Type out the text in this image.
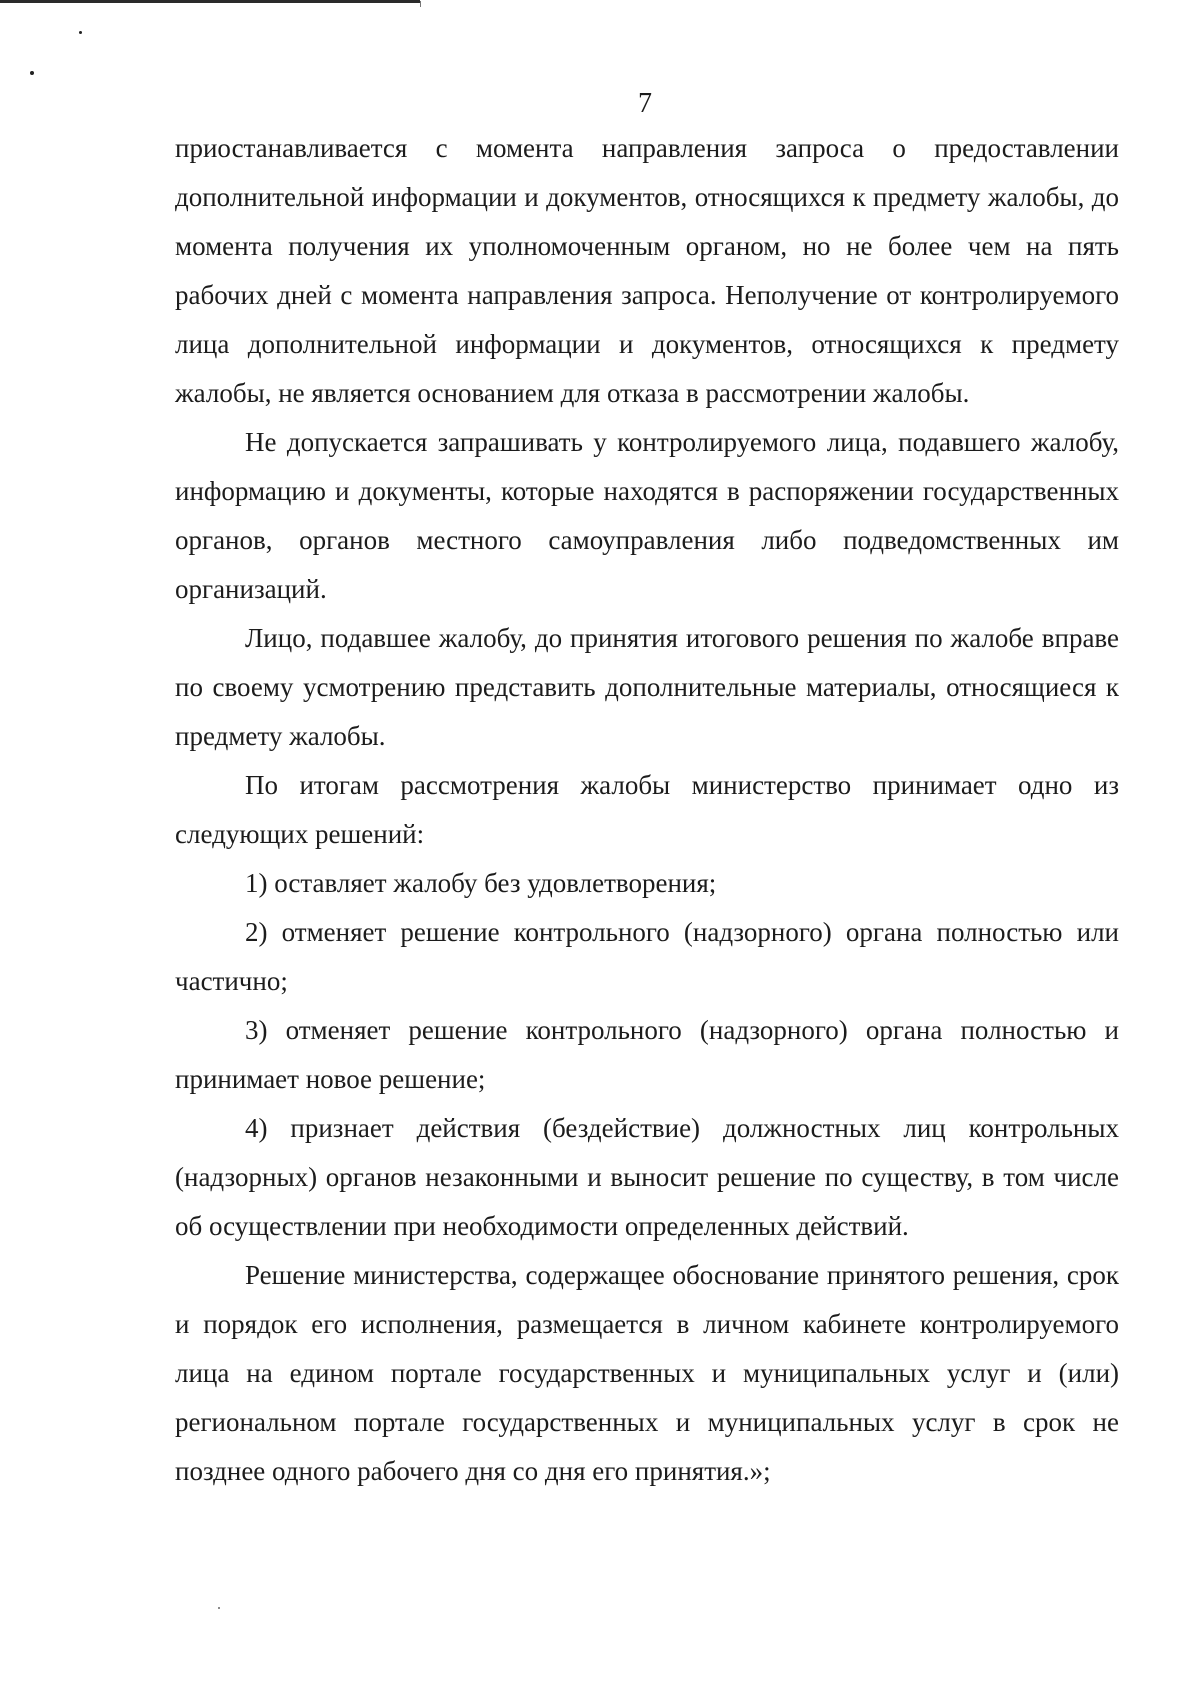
7

приостанавливается с момента направления запроса о предоставлении дополнительной информации и документов, относящихся к предмету жалобы, до момента получения их уполномоченным органом, но не более чем на пять рабочих дней с момента направления запроса. Неполучение от контролируемого лица дополнительной информации и документов, относящихся к предмету жалобы, не является основанием для отказа в рассмотрении жалобы.

Не допускается запрашивать у контролируемого лица, подавшего жалобу, информацию и документы, которые находятся в распоряжении государственных органов, органов местного самоуправления либо подведомственных им организаций.

Лицо, подавшее жалобу, до принятия итогового решения по жалобе вправе по своему усмотрению представить дополнительные материалы, относящиеся к предмету жалобы.

По итогам рассмотрения жалобы министерство принимает одно из следующих решений:

1) оставляет жалобу без удовлетворения;

2) отменяет решение контрольного (надзорного) органа полностью или частично;

3) отменяет решение контрольного (надзорного) органа полностью и принимает новое решение;

4) признает действия (бездействие) должностных лиц контрольных (надзорных) органов незаконными и выносит решение по существу, в том числе об осуществлении при необходимости определенных действий.

Решение министерства, содержащее обоснование принятого решения, срок и порядок его исполнения, размещается в личном кабинете контролируемого лица на едином портале государственных и муниципальных услуг и (или) региональном портале государственных и муниципальных услуг в срок не позднее одного рабочего дня со дня его принятия.»;
